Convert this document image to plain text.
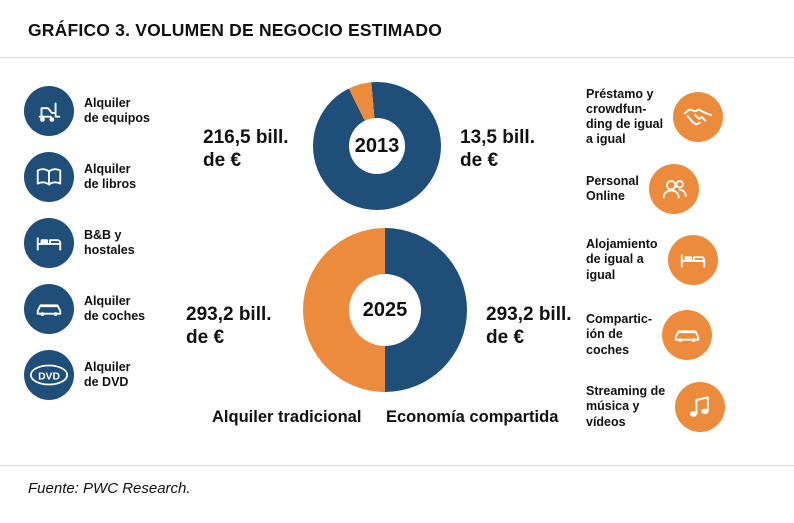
GRÁFICO 3. VOLUMEN DE NEGOCIO ESTIMADO
Alquiler
de equipos
Alquiler
de libros
B&B y
hostales
Alquiler
de coches
DVD
Alquiler
de DVD
Préstamo y
crowdfun-
ding de igual
a igual
Personal
Online
Alojamiento
de igual a
igual
Compartic-
ión de
coches
Streaming de
música y
vídeos
2013
216,5 bill.
de €
13,5 bill.
de €
2025
293,2 bill.
de €
293,2 bill.
de €
Alquiler tradicional Economía compartida
Fuente: PWC Research.
